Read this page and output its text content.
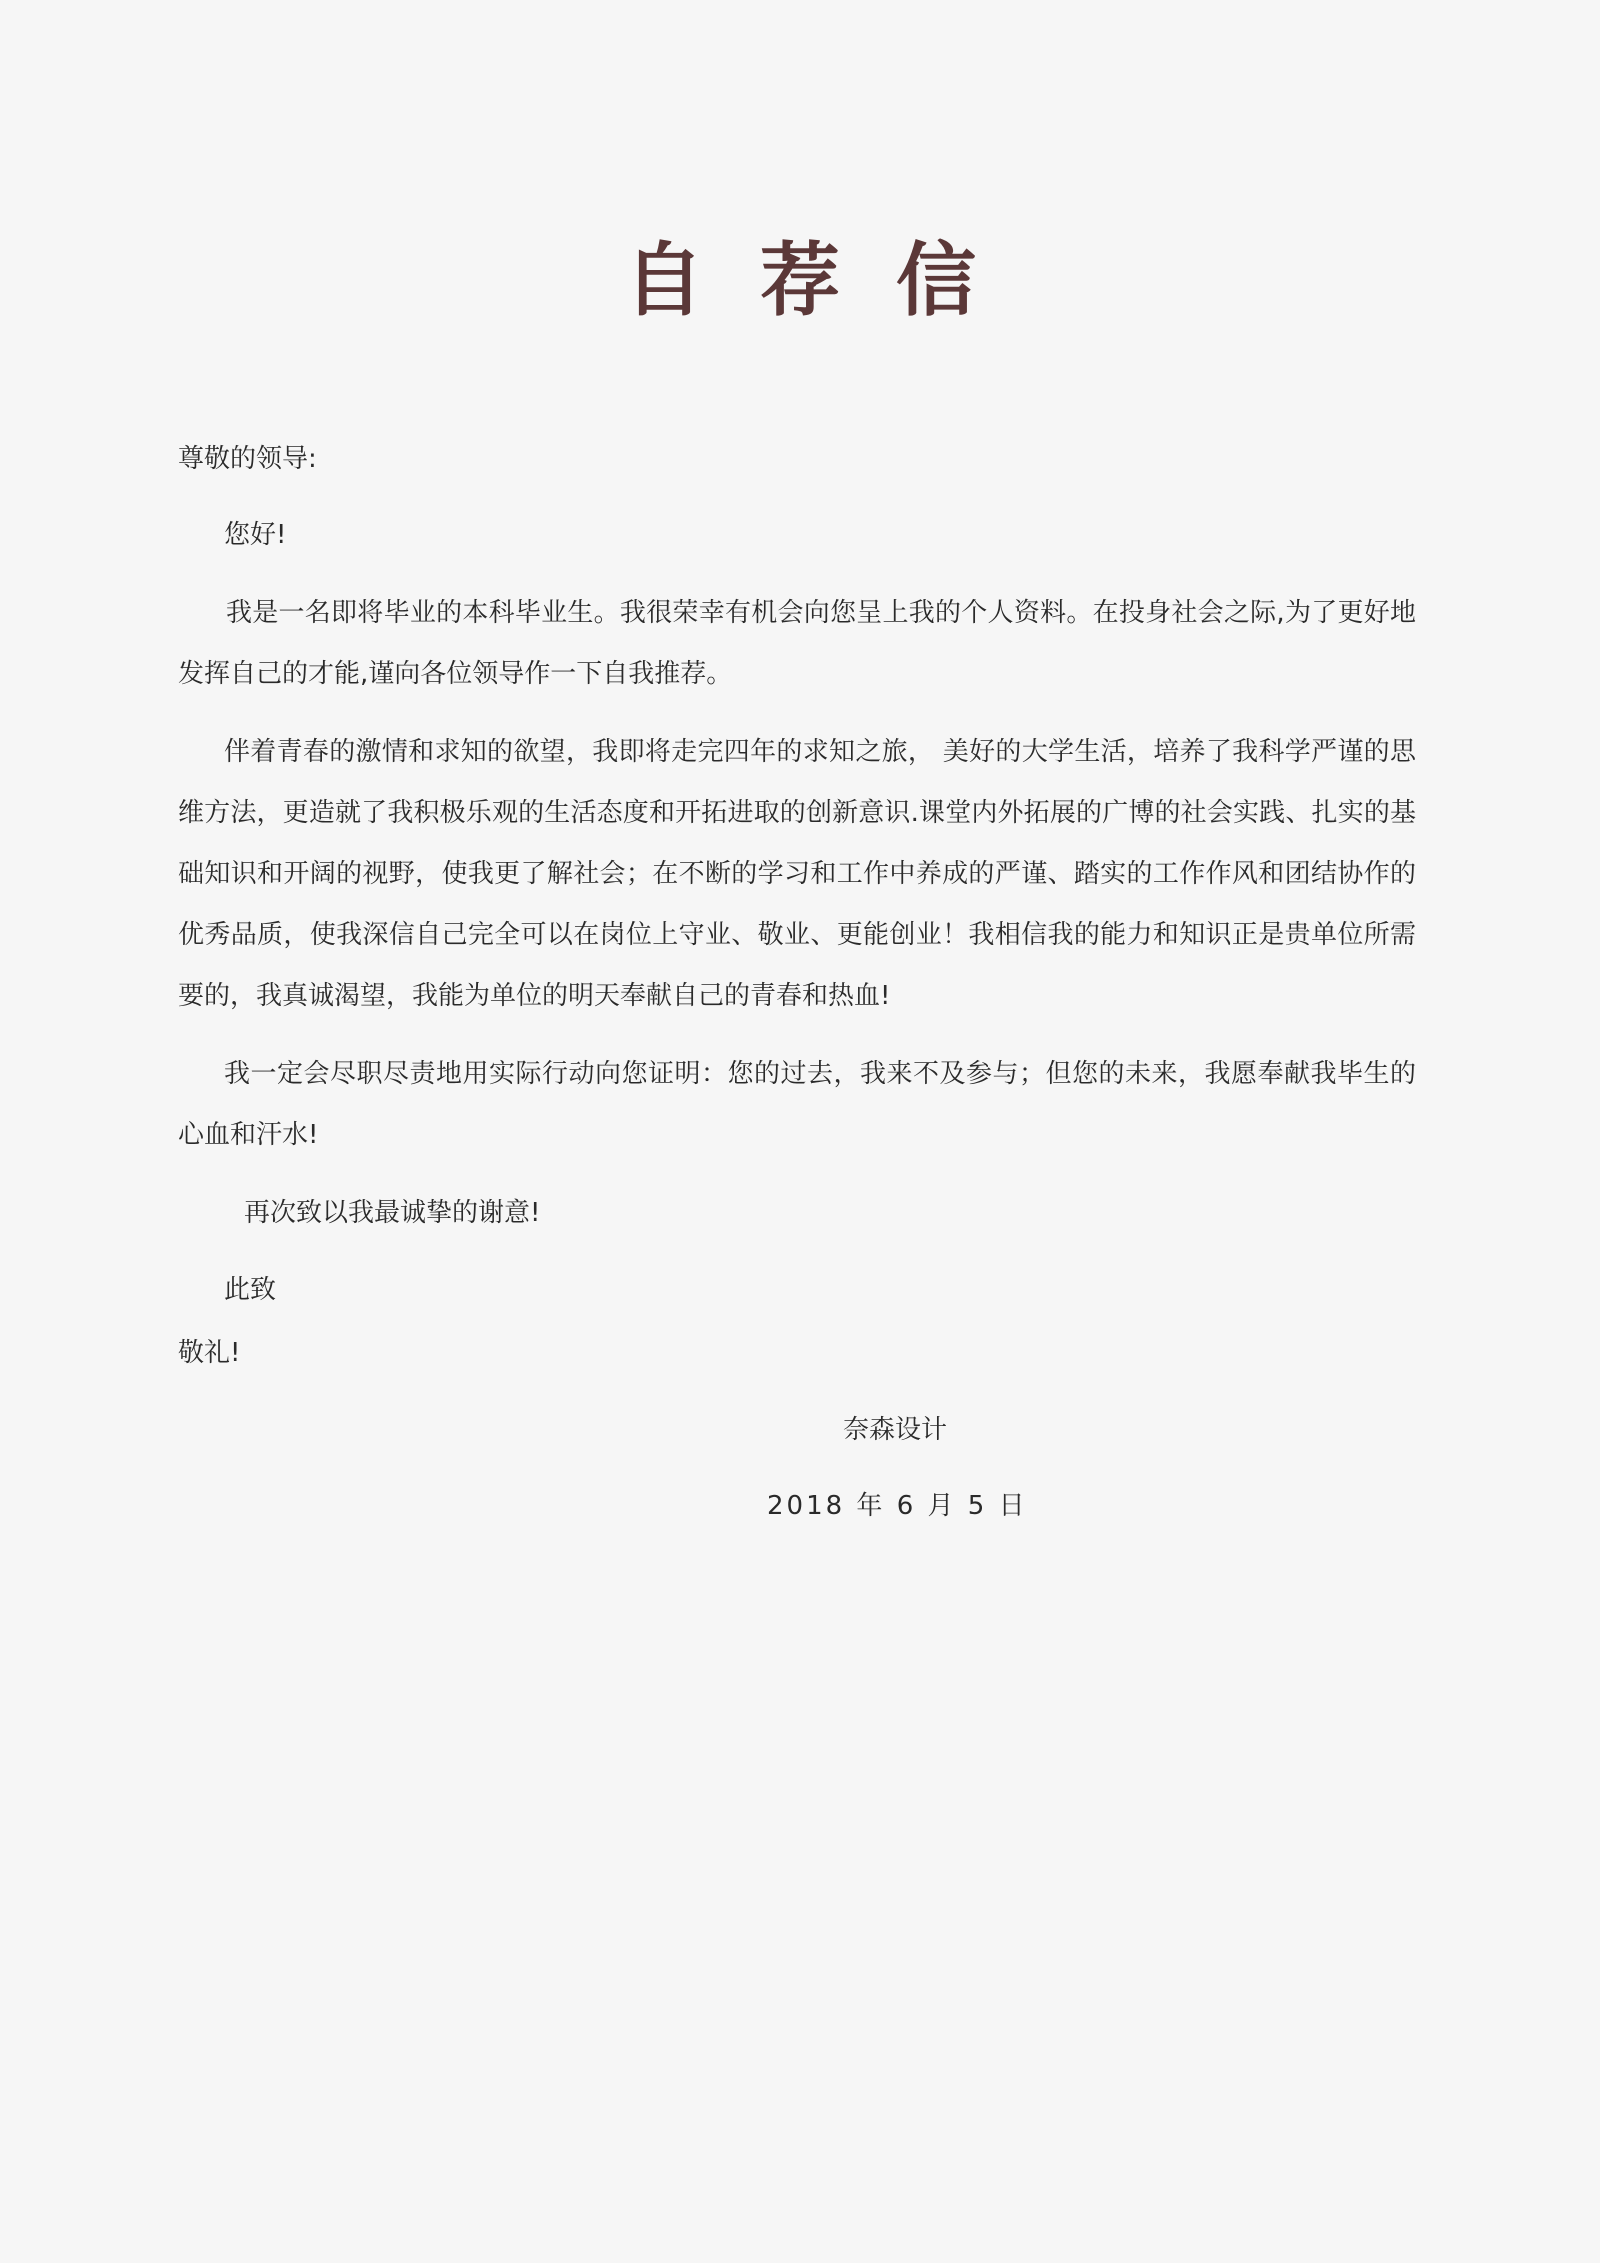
自荐信
尊敬的领导:
您好!
我是一名即将毕业的本科毕业生。我很荣幸有机会向您呈上我的个人资料。在投身社会之际,为了更好地发挥自己的才能,谨向各位领导作一下自我推荐。
伴着青春的激情和求知的欲望，我即将走完四年的求知之旅， 美好的大学生活，培养了我科学严谨的思维方法，更造就了我积极乐观的生活态度和开拓进取的创新意识.课堂内外拓展的广博的社会实践、扎实的基础知识和开阔的视野，使我更了解社会；在不断的学习和工作中养成的严谨、踏实的工作作风和团结协作的优秀品质，使我深信自己完全可以在岗位上守业、敬业、更能创业！我相信我的能力和知识正是贵单位所需要的，我真诚渴望，我能为单位的明天奉献自己的青春和热血!
我一定会尽职尽责地用实际行动向您证明：您的过去，我来不及参与；但您的未来，我愿奉献我毕生的心血和汗水!
再次致以我最诚挚的谢意!
此致
敬礼!
奈森设计
2018 年 6 月 5 日
